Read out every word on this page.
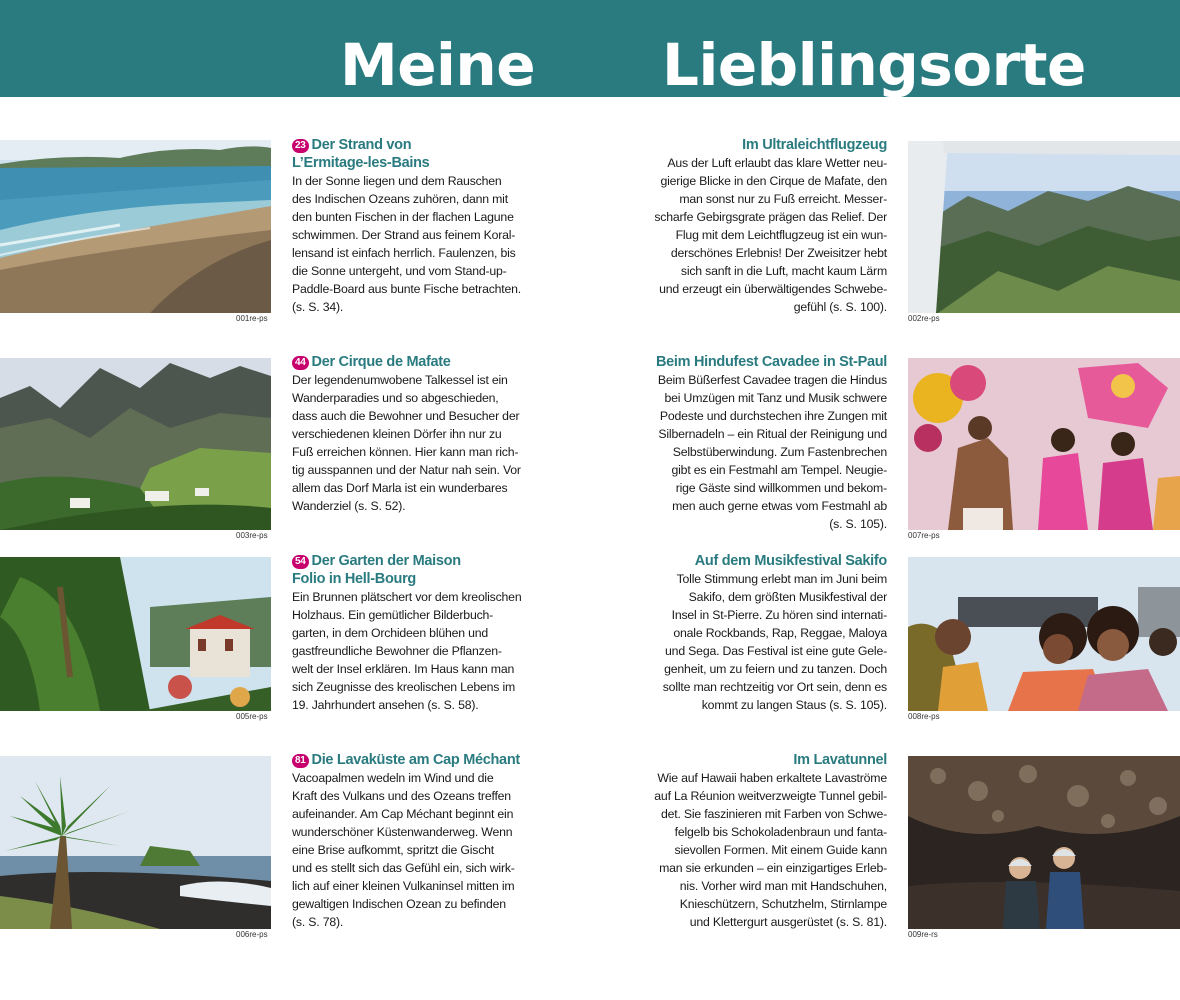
Meine Lieblingsorte
001re-ps
23 Der Strand von
L’Ermitage-les-Bains
In der Sonne liegen und dem Rauschen
des Indischen Ozeans zuhören, dann mit
den bunten Fischen in der flachen Lagune
schwimmen. Der Strand aus feinem Koral-
lensand ist einfach herrlich. Faulenzen, bis
die Sonne untergeht, und vom Stand-up-
Paddle-Board aus bunte Fische betrachten.
(s. S. 34).
003re-ps
44 Der Cirque de Mafate
Der legendenumwobene Talkessel ist ein
Wanderparadies und so abgeschieden,
dass auch die Bewohner und Besucher der
verschiedenen kleinen Dörfer ihn nur zu
Fuß erreichen können. Hier kann man rich-
tig ausspannen und der Natur nah sein. Vor
allem das Dorf Marla ist ein wunderbares
Wanderziel (s. S. 52).
005re-ps
54 Der Garten der Maison
Folio in Hell-Bourg
Ein Brunnen plätschert vor dem kreolischen
Holzhaus. Ein gemütlicher Bilderbuch-
garten, in dem Orchideen blühen und
gastfreundliche Bewohner die Pflanzen-
welt der Insel erklären. Im Haus kann man
sich Zeugnisse des kreolischen Lebens im
19. Jahrhundert ansehen (s. S. 58).
006re-ps
81 Die Lavaküste am Cap Méchant
Vacoapalmen wedeln im Wind und die
Kraft des Vulkans und des Ozeans treffen
aufeinander. Am Cap Méchant beginnt ein
wunderschöner Küstenwanderweg. Wenn
eine Brise aufkommt, spritzt die Gischt
und es stellt sich das Gefühl ein, sich wirk-
lich auf einer kleinen Vulkaninsel mitten im
gewaltigen Indischen Ozean zu befinden
(s. S. 78).
Im Ultraleichtflugzeug
Aus der Luft erlaubt das klare Wetter neu-
gierige Blicke in den Cirque de Mafate, den
man sonst nur zu Fuß erreicht. Messer-
scharfe Gebirgsgrate prägen das Relief. Der
Flug mit dem Leichtflugzeug ist ein wun-
derschönes Erlebnis! Der Zweisitzer hebt
sich sanft in die Luft, macht kaum Lärm
und erzeugt ein überwältigendes Schwebe-
gefühl (s. S. 100).
002re-ps
Beim Hindufest Cavadee in St-Paul
Beim Büßerfest Cavadee tragen die Hindus
bei Umzügen mit Tanz und Musik schwere
Podeste und durchstechen ihre Zungen mit
Silbernadeln – ein Ritual der Reinigung und
Selbstüberwindung. Zum Fastenbrechen
gibt es ein Festmahl am Tempel. Neugie-
rige Gäste sind willkommen und bekom-
men auch gerne etwas vom Festmahl ab
(s. S. 105).
007re-ps
Auf dem Musikfestival Sakifo
Tolle Stimmung erlebt man im Juni beim
Sakifo, dem größten Musikfestival der
Insel in St-Pierre. Zu hören sind internati-
onale Rockbands, Rap, Reggae, Maloya
und Sega. Das Festival ist eine gute Gele-
genheit, um zu feiern und zu tanzen. Doch
sollte man rechtzeitig vor Ort sein, denn es
kommt zu langen Staus (s. S. 105).
008re-ps
Im Lavatunnel
Wie auf Hawaii haben erkaltete Lavaströme
auf La Réunion weitverzweigte Tunnel gebil-
det. Sie faszinieren mit Farben von Schwe-
felgelb bis Schokoladenbraun und fanta-
sievollen Formen. Mit einem Guide kann
man sie erkunden – ein einzigartiges Erleb-
nis. Vorher wird man mit Handschuhen,
Knieschützern, Schutzhelm, Stirnlampe
und Klettergurt ausgerüstet (s. S. 81).
009re-rs
